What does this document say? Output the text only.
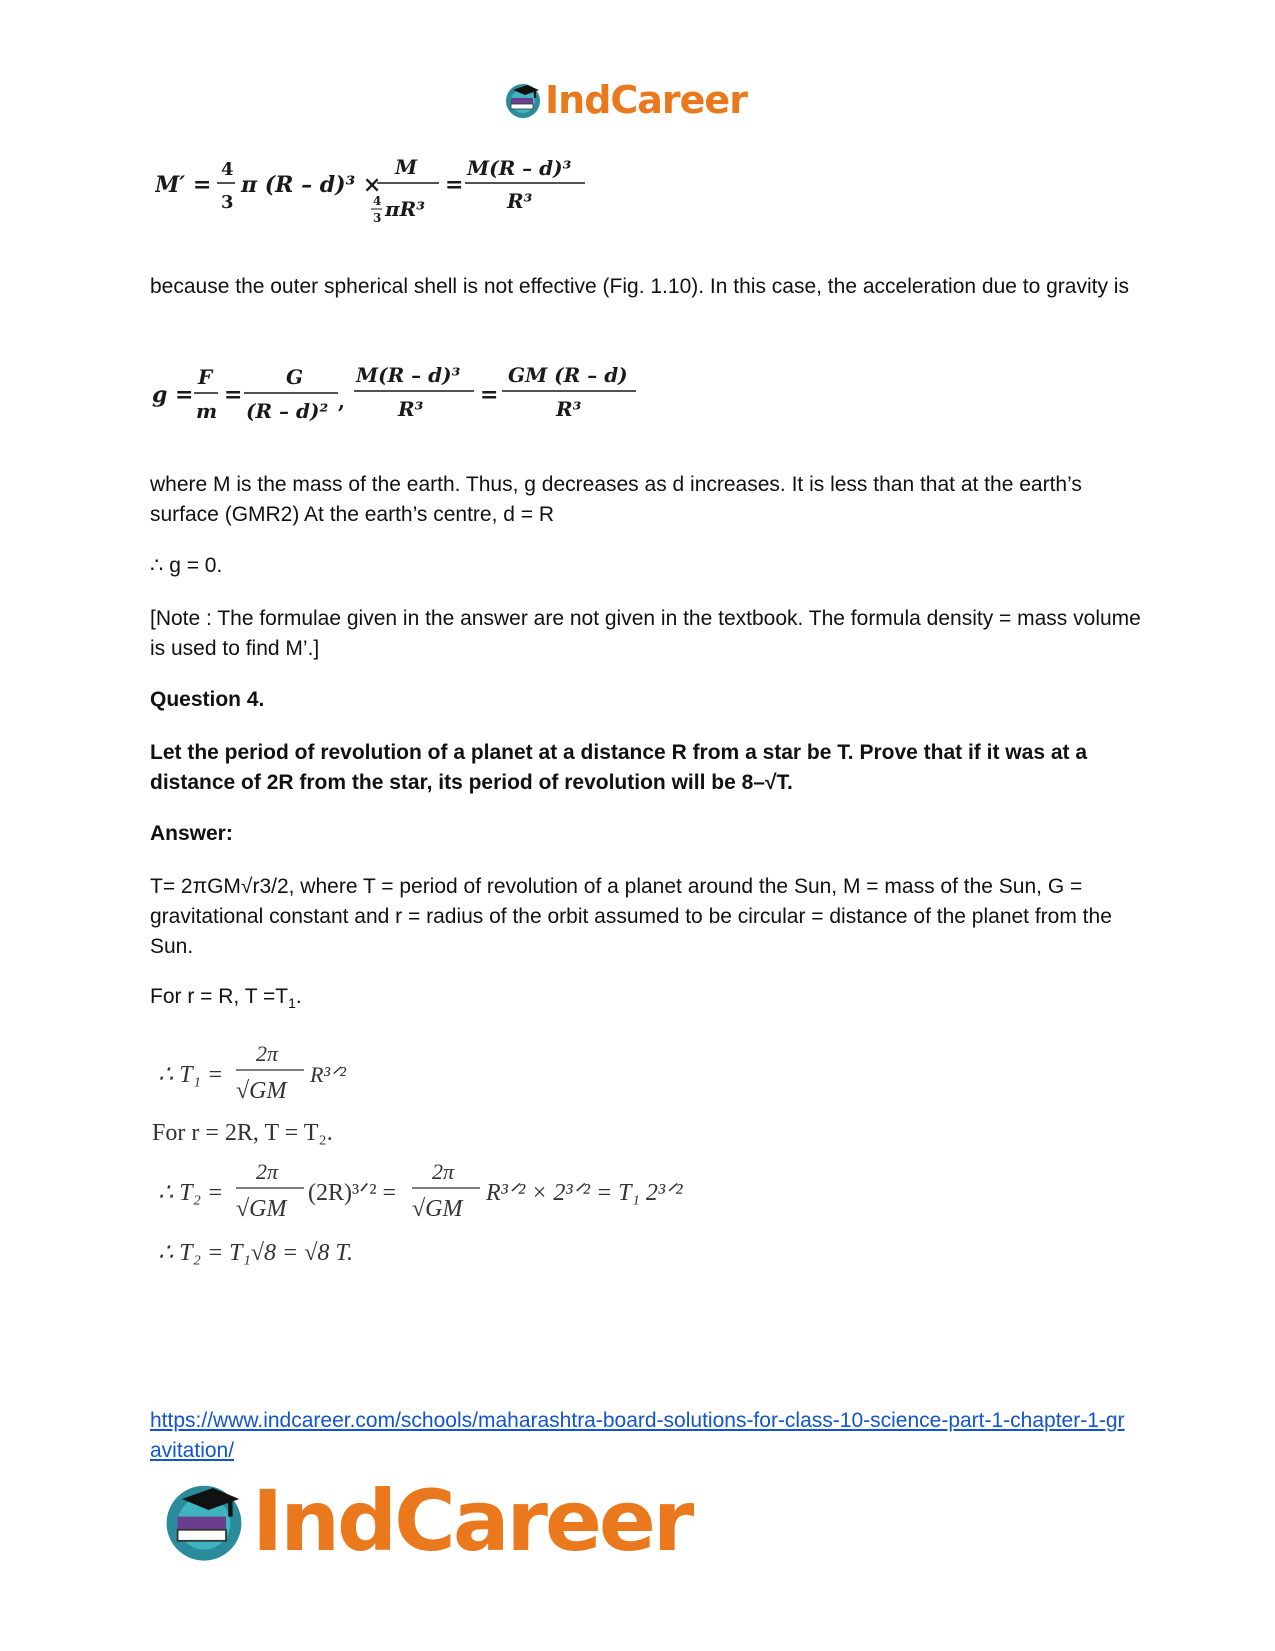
IndCareer
M′ =
4
3
π (R – d)³ ×
M
4
3 πR³
=
M(R – d)³
R³
because the outer spherical shell is not effective (Fig. 1.10). In this case, the acceleration due to gravity is
g =
F
m
=
G
(R – d)² ,
M(R – d)³
R³
=
GM (R – d)
R³
where M is the mass of the earth. Thus, g decreases as d increases. It is less than that at the earth’s surface (GMR2) At the earth’s centre, d = R
∴ g = 0.
[Note : The formulae given in the answer are not given in the textbook. The formula density = mass volume is used to find M’.]
Question 4.
Let the period of revolution of a planet at a distance R from a star be T. Prove that if it was at a distance of 2R from the star, its period of revolution will be 8–√T.
Answer:
T= 2πGM√r3/2, where T = period of revolution of a planet around the Sun, M = mass of the Sun, G = gravitational constant and r = radius of the orbit assumed to be circular = distance of the planet from the Sun.
For r = R, $T =T_1$.
∴ T₁ =
2π
√GM
R³ᐟ²
For r = 2R, T = T₂.
∴ T₂ =
2π
√GM
(2R)³ᐟ² =
2π
√GM
R³ᐟ² × 2³ᐟ² = T₁ 2³ᐟ²
∴ T₂ = T₁√8 = √8 T.
https://www.indcareer.com/schools/maharashtra-board-solutions-for-class-10-science-part-1-chapter-1-gravitation/
IndCareer
